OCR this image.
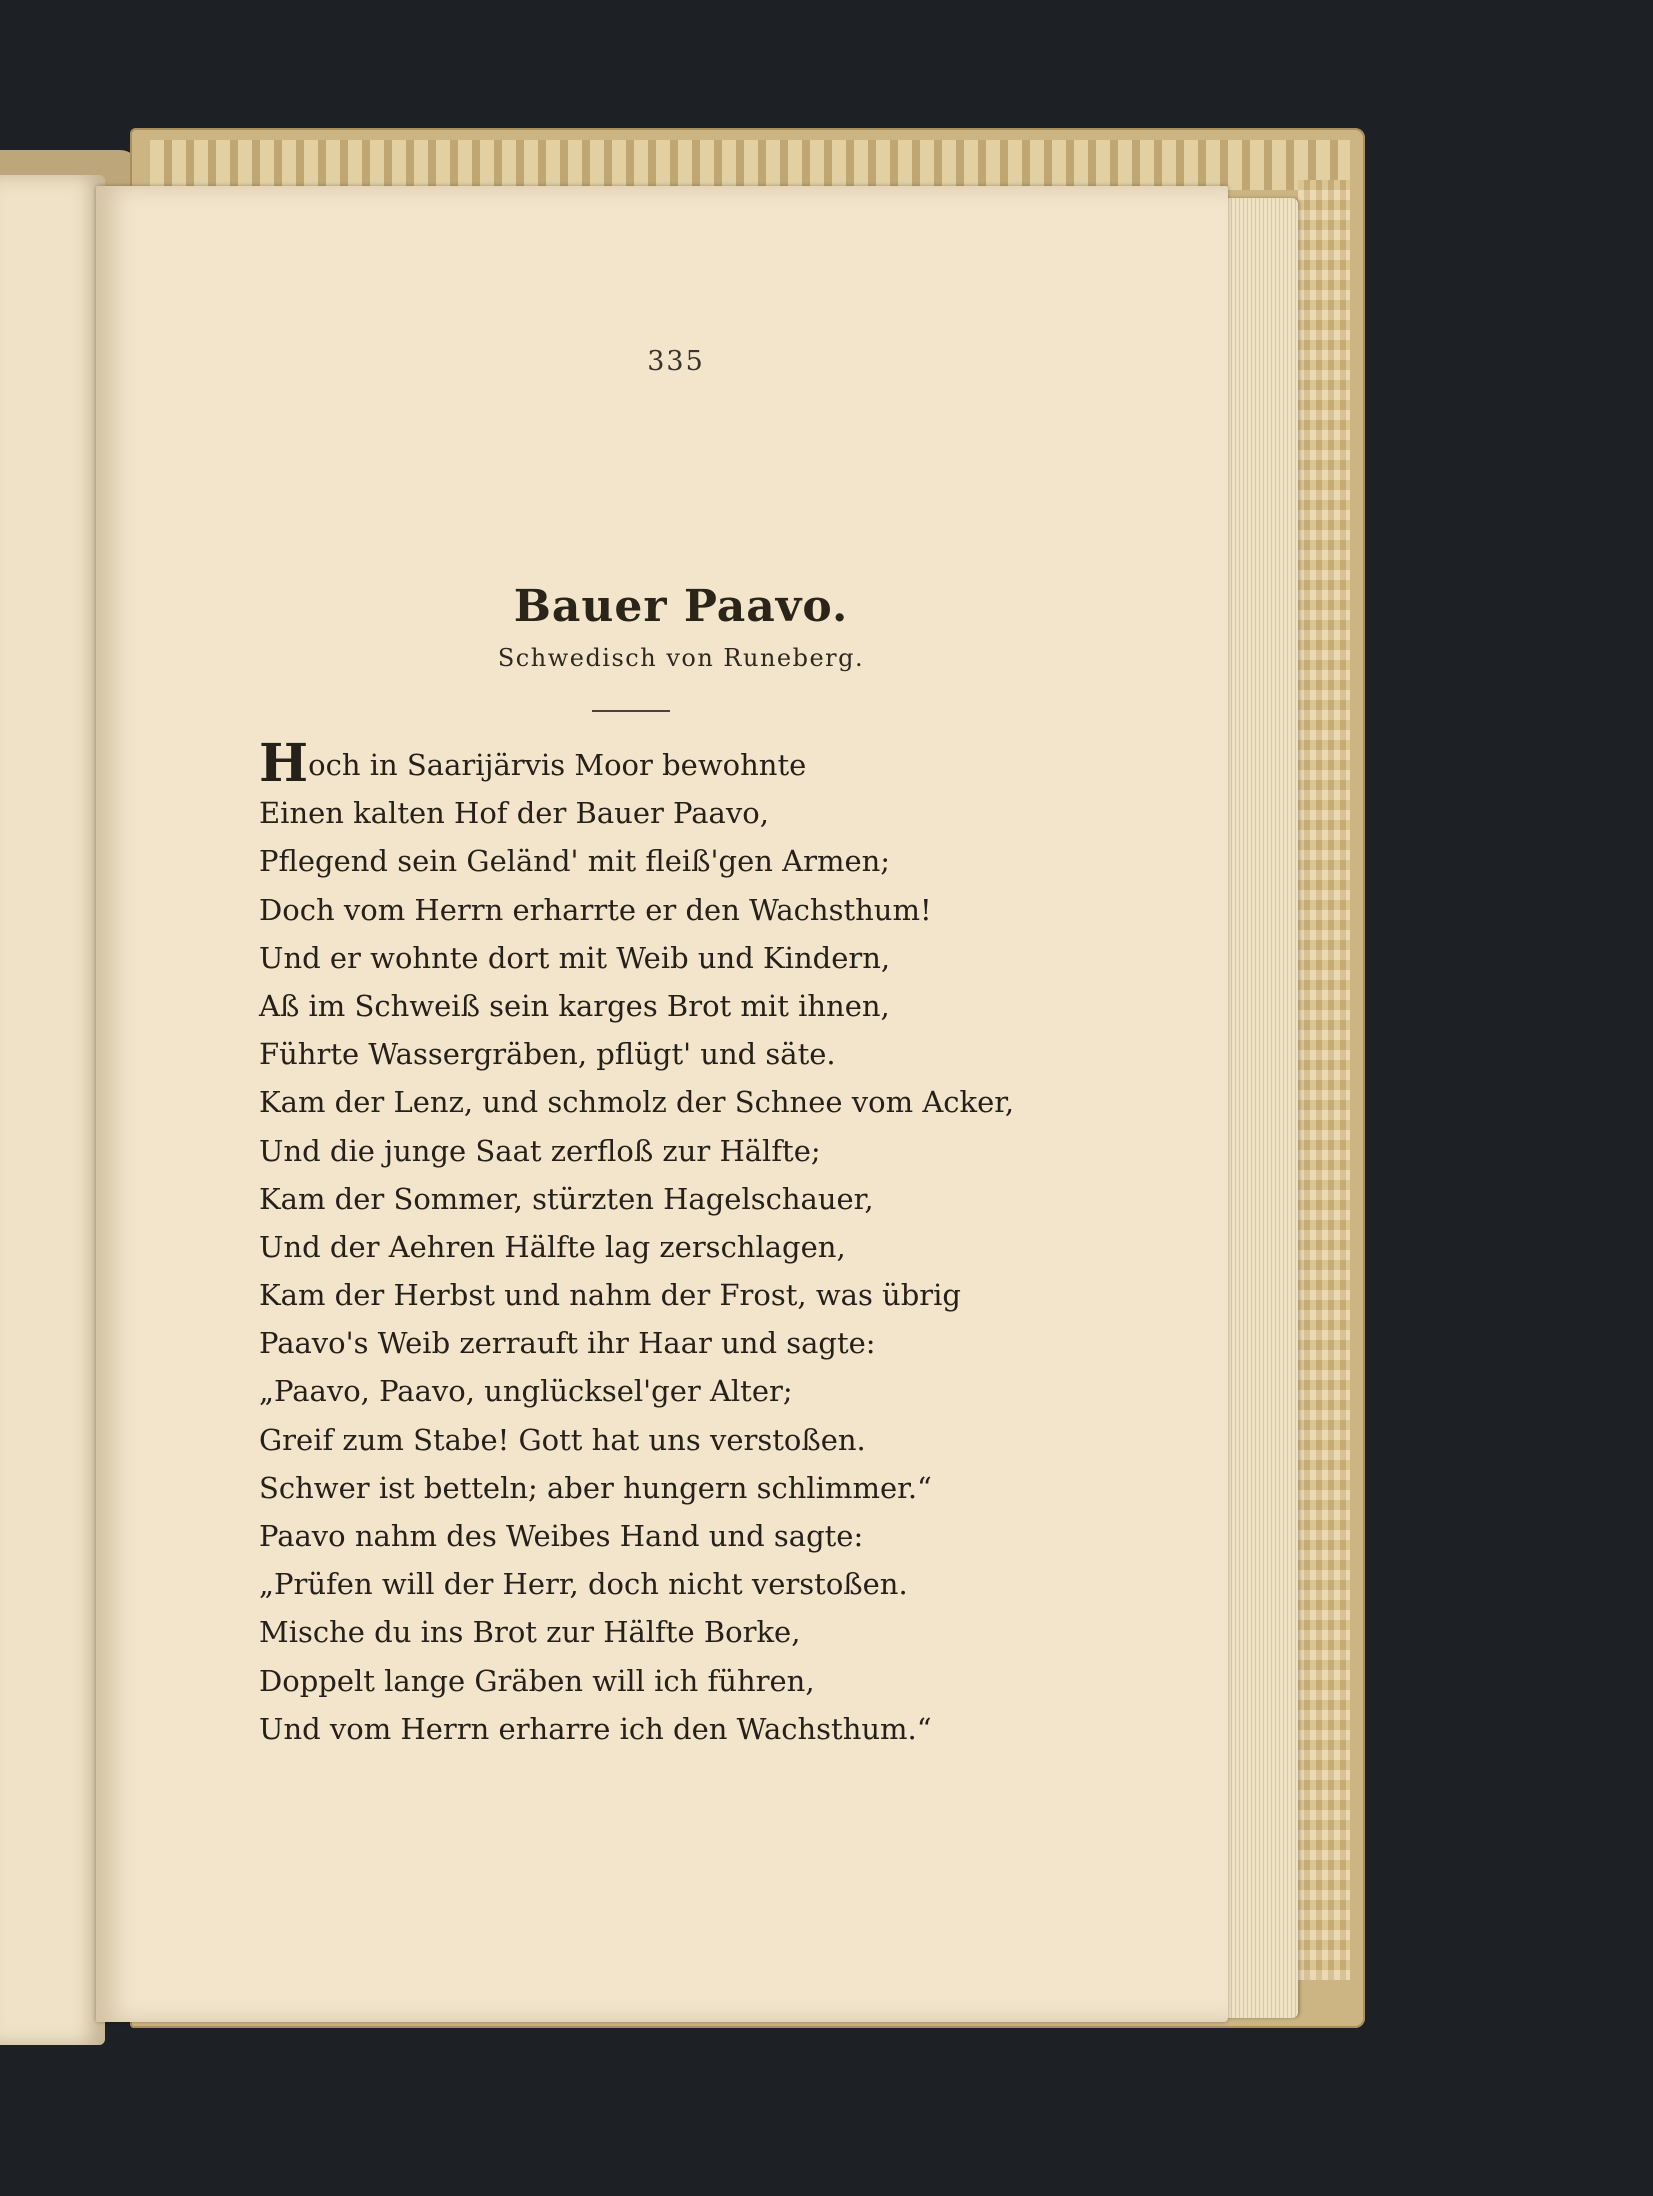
335
Bauer Paavo.
Schwedisch von Runeberg.
Hoch in Saarijärvis Moor bewohnte
Einen kalten Hof der Bauer Paavo,
Pflegend sein Geländ' mit fleiß'gen Armen;
Doch vom Herrn erharrte er den Wachsthum!
Und er wohnte dort mit Weib und Kindern,
Aß im Schweiß sein karges Brot mit ihnen,
Führte Wassergräben, pflügt' und säte.
Kam der Lenz, und schmolz der Schnee vom Acker,
Und die junge Saat zerfloß zur Hälfte;
Kam der Sommer, stürzten Hagelschauer,
Und der Aehren Hälfte lag zerschlagen,
Kam der Herbst und nahm der Frost, was übrig
Paavo's Weib zerrauft ihr Haar und sagte:
„Paavo, Paavo, unglücksel'ger Alter;
Greif zum Stabe! Gott hat uns verstoßen.
Schwer ist betteln; aber hungern schlimmer.“
Paavo nahm des Weibes Hand und sagte:
„Prüfen will der Herr, doch nicht verstoßen.
Mische du ins Brot zur Hälfte Borke,
Doppelt lange Gräben will ich führen,
Und vom Herrn erharre ich den Wachsthum.“
